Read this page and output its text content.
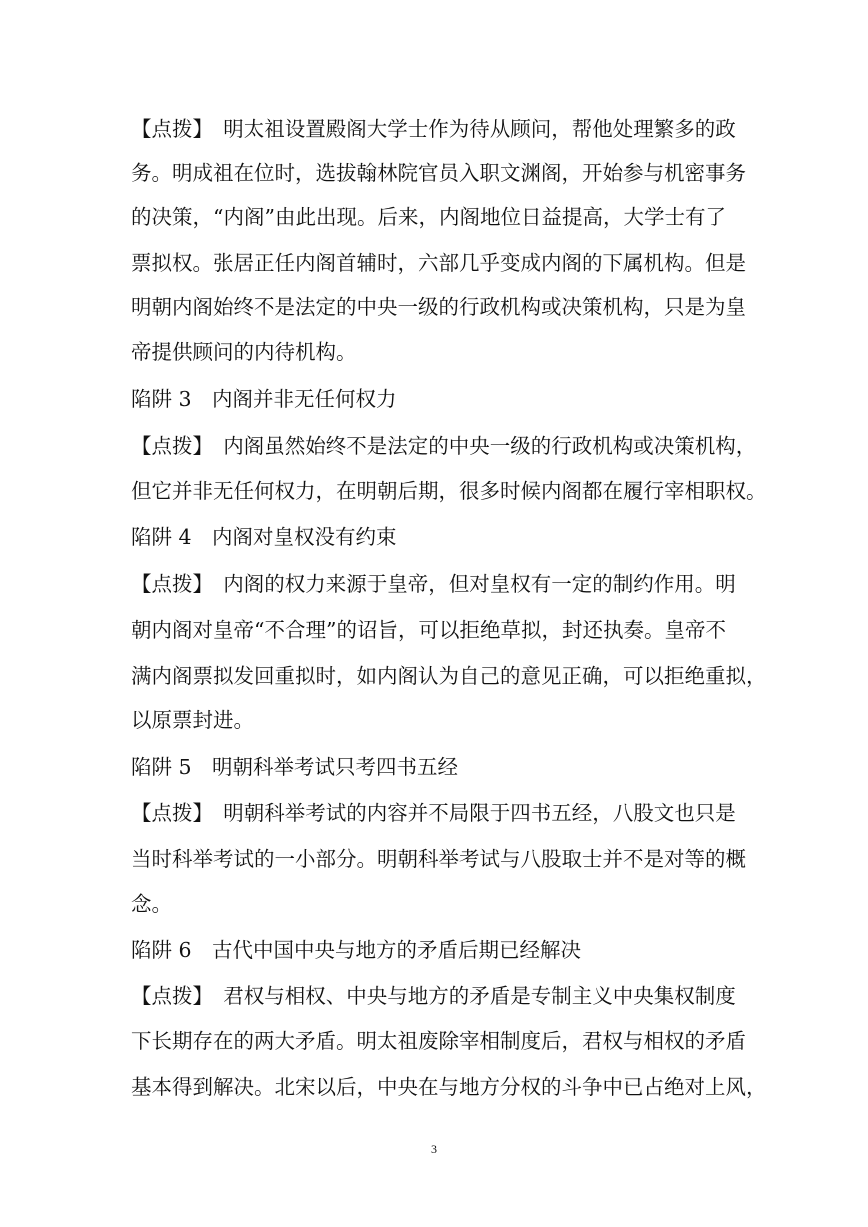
【点拨】　明太祖设置殿阁大学士作为待从顾问，帮他处理繁多的政
务。明成祖在位时，选拔翰林院官员入职文渊阁，开始参与机密事务
的决策，“内阁”由此出现。后来，内阁地位日益提高，大学士有了
票拟权。张居正任内阁首辅时，六部几乎变成内阁的下属机构。但是
明朝内阁始终不是法定的中央一级的行政机构或决策机构，只是为皇
帝提供顾问的内待机构。
陷阱 3　内阁并非无任何权力
【点拨】　内阁虽然始终不是法定的中央一级的行政机构或决策机构，
但它并非无任何权力，在明朝后期，很多时候内阁都在履行宰相职权。
陷阱 4　内阁对皇权没有约束
【点拨】　内阁的权力来源于皇帝，但对皇权有一定的制约作用。明
朝内阁对皇帝“不合理”的诏旨，可以拒绝草拟，封还执奏。皇帝不
满内阁票拟发回重拟时，如内阁认为自己的意见正确，可以拒绝重拟，
以原票封进。
陷阱 5　明朝科举考试只考四书五经
【点拨】　明朝科举考试的内容并不局限于四书五经，八股文也只是
当时科举考试的一小部分。明朝科举考试与八股取士并不是对等的概
念。
陷阱 6　古代中国中央与地方的矛盾后期已经解决
【点拨】　君权与相权、中央与地方的矛盾是专制主义中央集权制度
下长期存在的两大矛盾。明太祖废除宰相制度后，君权与相权的矛盾
基本得到解决。北宋以后，中央在与地方分权的斗争中已占绝对上风，
3
